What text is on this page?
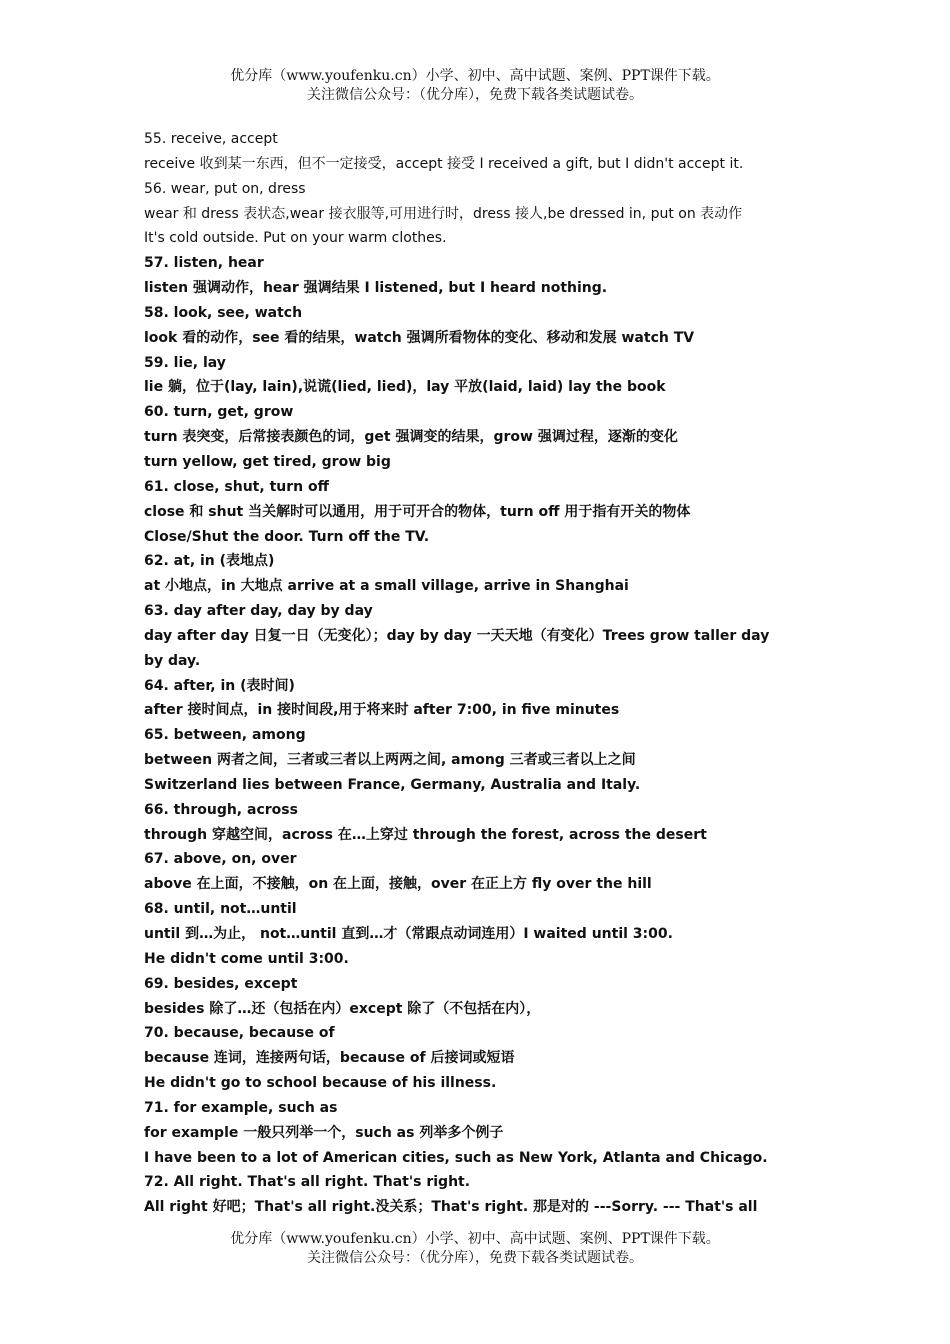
优分库（www.youfenku.cn）小学、初中、高中试题、案例、PPT课件下载。
关注微信公众号：（优分库），免费下载各类试题试卷。
55. receive, accept
receive 收到某一东西，但不一定接受，accept 接受 I received a gift, but I didn't accept it.
56. wear, put on, dress
wear 和 dress 表状态,wear 接衣服等,可用进行时，dress 接人,be dressed in, put on 表动作
It's cold outside. Put on your warm clothes.
57. listen, hear
listen 强调动作，hear 强调结果 I listened, but I heard nothing.
58. look, see, watch
look 看的动作，see 看的结果，watch 强调所看物体的变化、移动和发展 watch TV
59. lie, lay
lie 躺，位于(lay, lain),说谎(lied, lied)，lay 平放(laid, laid) lay the book
60. turn, get, grow
turn 表突变，后常接表颜色的词，get 强调变的结果，grow 强调过程，逐渐的变化
turn yellow, get tired, grow big
61. close, shut, turn off
close 和 shut 当关解时可以通用，用于可开合的物体，turn off 用于指有开关的物体
Close/Shut the door. Turn off the TV.
62. at, in (表地点)
at 小地点，in 大地点 arrive at a small village, arrive in Shanghai
63. day after day, day by day
day after day 日复一日（无变化）；day by day 一天天地（有变化）Trees grow taller day
by day.
64. after, in (表时间)
after 接时间点，in 接时间段,用于将来时 after 7:00, in five minutes
65. between, among
between 两者之间，三者或三者以上两两之间, among 三者或三者以上之间
Switzerland lies between France, Germany, Australia and Italy.
66. through, across
through 穿越空间，across 在…上穿过 through the forest, across the desert
67. above, on, over
above 在上面，不接触，on 在上面，接触，over 在正上方 fly over the hill
68. until, not…until
until 到…为止， not…until 直到…才（常跟点动词连用）I waited until 3:00.
He didn't come until 3:00.
69. besides, except
besides 除了…还（包括在内）except 除了（不包括在内），
70. because, because of
because 连词，连接两句话，because of 后接词或短语
He didn't go to school because of his illness.
71. for example, such as
for example 一般只列举一个，such as 列举多个例子
I have been to a lot of American cities, such as New York, Atlanta and Chicago.
72. All right. That's all right. That's right.
All right 好吧；That's all right.没关系；That's right. 那是对的 ---Sorry. --- That's all
优分库（www.youfenku.cn）小学、初中、高中试题、案例、PPT课件下载。
关注微信公众号：（优分库），免费下载各类试题试卷。
